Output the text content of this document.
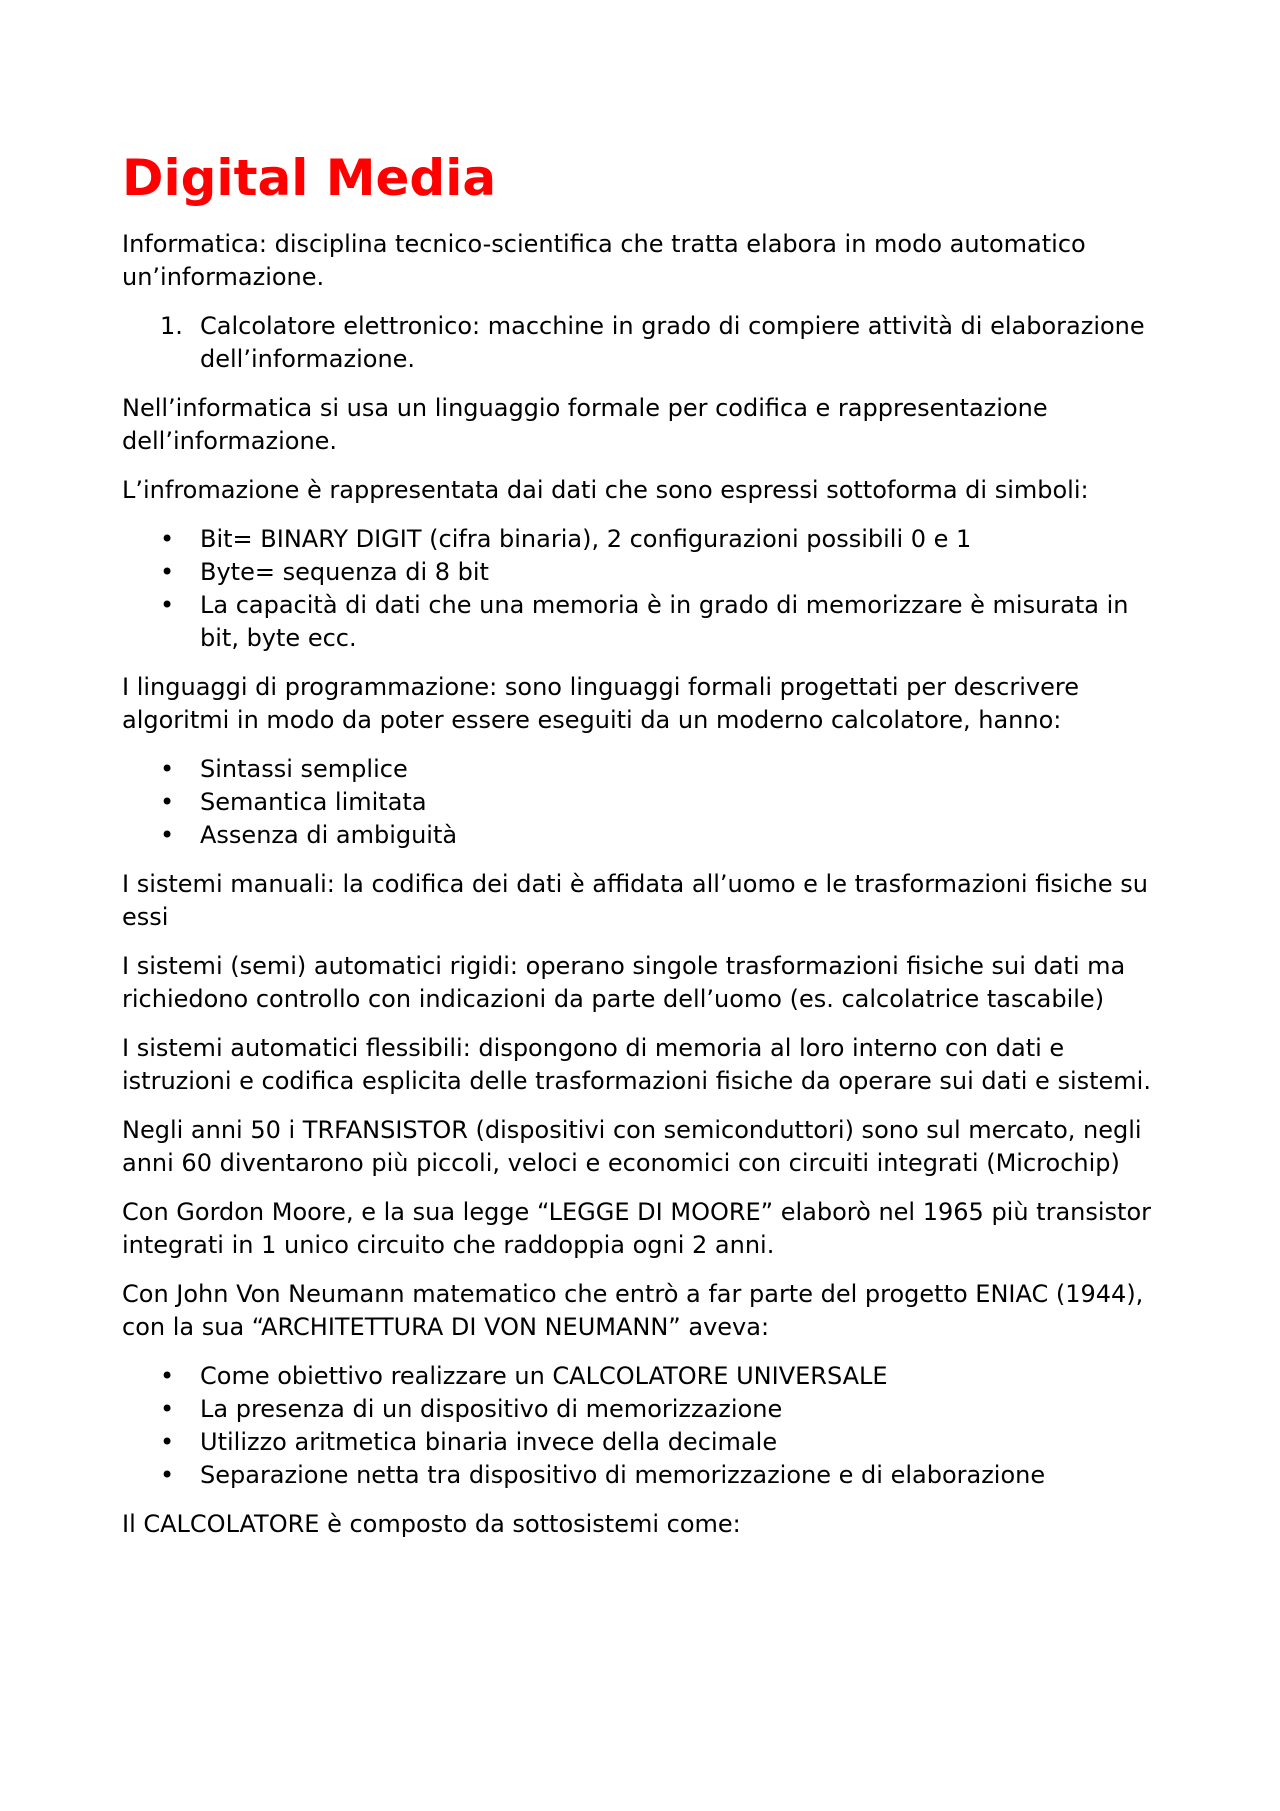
Digital Media

Informatica: disciplina tecnico-scientifica che tratta elabora in modo automatico un’informazione.

1. Calcolatore elettronico: macchine in grado di compiere attività di elaborazione dell’informazione.

Nell’informatica si usa un linguaggio formale per codifica e rappresentazione dell’informazione.

L’infromazione è rappresentata dai dati che sono espressi sottoforma di simboli:

• Bit= BINARY DIGIT (cifra binaria), 2 configurazioni possibili 0 e 1
• Byte= sequenza di 8 bit
• La capacità di dati che una memoria è in grado di memorizzare è misurata in bit, byte ecc.

I linguaggi di programmazione: sono linguaggi formali progettati per descrivere algoritmi in modo da poter essere eseguiti da un moderno calcolatore, hanno:

• Sintassi semplice
• Semantica limitata
• Assenza di ambiguità

I sistemi manuali: la codifica dei dati è affidata all’uomo e le trasformazioni fisiche su essi

I sistemi (semi) automatici rigidi: operano singole trasformazioni fisiche sui dati ma richiedono controllo con indicazioni da parte dell’uomo (es. calcolatrice tascabile)

I sistemi automatici flessibili: dispongono di memoria al loro interno con dati e istruzioni e codifica esplicita delle trasformazioni fisiche da operare sui dati e sistemi.

Negli anni 50 i TRFANSISTOR (dispositivi con semiconduttori) sono sul mercato, negli anni 60 diventarono più piccoli, veloci e economici con circuiti integrati (Microchip)

Con Gordon Moore, e la sua legge “LEGGE DI MOORE” elaborò nel 1965 più transistor integrati in 1 unico circuito che raddoppia ogni 2 anni.

Con John Von Neumann matematico che entrò a far parte del progetto ENIAC (1944), con la sua “ARCHITETTURA DI VON NEUMANN” aveva:

• Come obiettivo realizzare un CALCOLATORE UNIVERSALE
• La presenza di un dispositivo di memorizzazione
• Utilizzo aritmetica binaria invece della decimale
• Separazione netta tra dispositivo di memorizzazione e di elaborazione

Il CALCOLATORE è composto da sottosistemi come:
